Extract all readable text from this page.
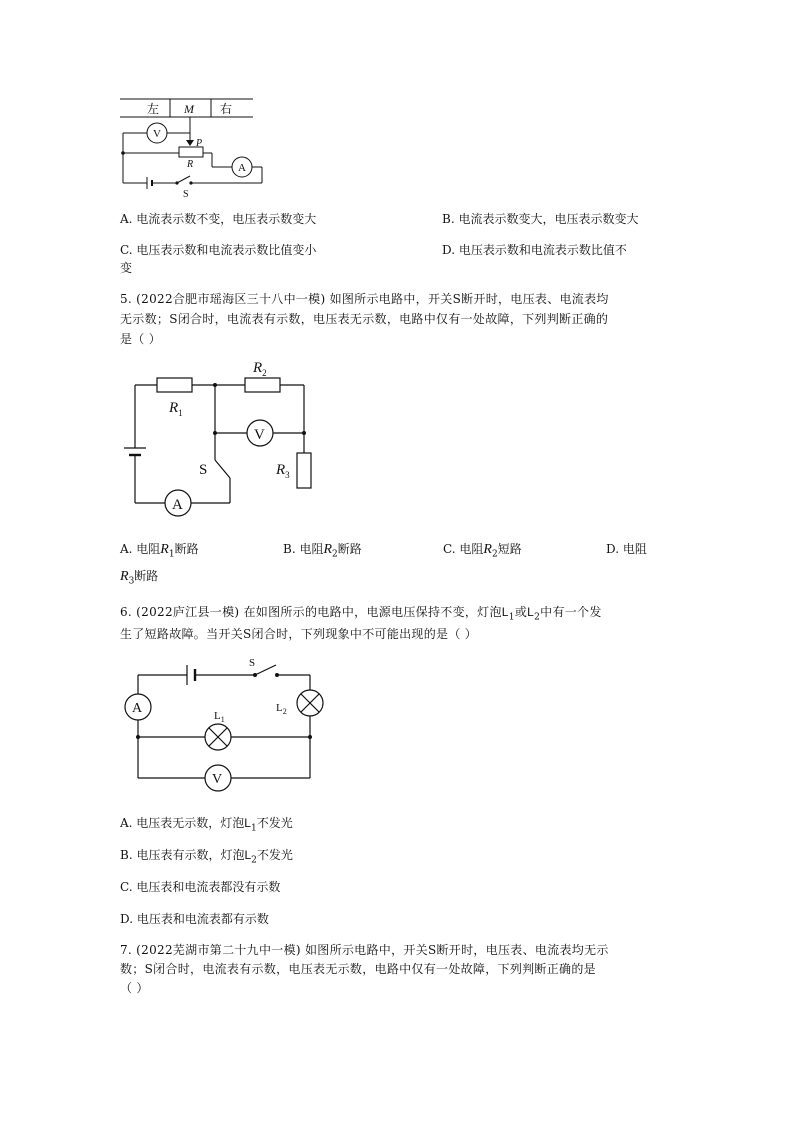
左 M 右
V
P
R	A
S
A. 电流表示数不变，电压表示数变大	B. 电流表示数变大，电压表示数变大
C. 电压表示数和电流表示数比值变小	D. 电压表示数和电流表示数比值不
变
5. (2022合肥市瑶海区三十八中一模) 如图所示电路中，开关S断开时，电压表、电流表均
无示数；S闭合时，电流表有示数，电压表无示数，电路中仅有一处故障，下列判断正确的
是（ ）
$R_1$
$R_2$
A
S
V
$R_3$
A. 电阻$R_1$断路	B. 电阻$R_2$断路	C. 电阻$R_2$短路	D. 电阻
$R_3$断路
6. (2022庐江县一模) 在如图所示的电路中，电源电压保持不变，灯泡$L_1$或$L_2$中有一个发
生了短路故障。当开关S闭合时，下列现象中不可能出现的是（ ）
S
A	$L_2$
$L_1$
V
A. 电压表无示数，灯泡$L_1$不发光
B. 电压表有示数，灯泡$L_2$不发光
C. 电压表和电流表都没有示数
D. 电压表和电流表都有示数
7. (2022芜湖市第二十九中一模) 如图所示电路中，开关S断开时，电压表、电流表均无示
数；S闭合时，电流表有示数，电压表无示数，电路中仅有一处故障，下列判断正确的是
（ ）
